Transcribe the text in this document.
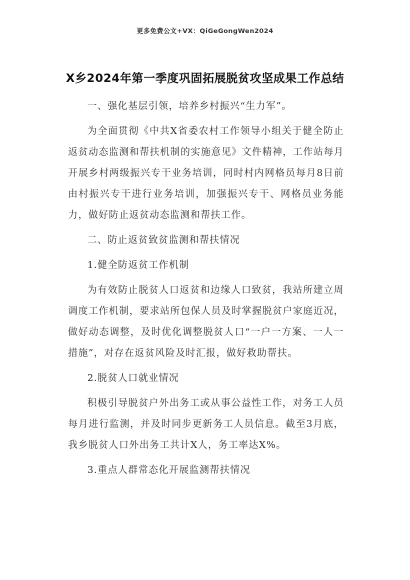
更多免费公文+VX：QiGeGongWen2024
X乡2024年第一季度巩固拓展脱贫攻坚成果工作总结

一、强化基层引领，培养乡村振兴“生力军”。

为全面贯彻《中共X省委农村工作领导小组关于健全防止返贫动态监测和帮扶机制的实施意见》文件精神，工作站每月开展乡村两级振兴专干业务培训，同时村内网格员每月8日前由村振兴专干进行业务培训，加强振兴专干、网格员业务能力，做好防止返贫动态监测和帮扶工作。

二、防止返贫致贫监测和帮扶情况

1.健全防返贫工作机制

为有效防止脱贫人口返贫和边缘人口致贫，我站所建立周调度工作机制，要求站所包保人员及时掌握脱贫户家庭近况，做好动态调整，及时优化调整脱贫人口“一户一方案、一人一措施”，对存在返贫风险及时汇报，做好救助帮扶。

2.脱贫人口就业情况

积极引导脱贫户外出务工或从事公益性工作，对务工人员每月进行监测，并及时同步更新务工人员信息。截至3月底，我乡脱贫人口外出务工共计X人，务工率达X%。

3.重点人群常态化开展监测帮扶情况
